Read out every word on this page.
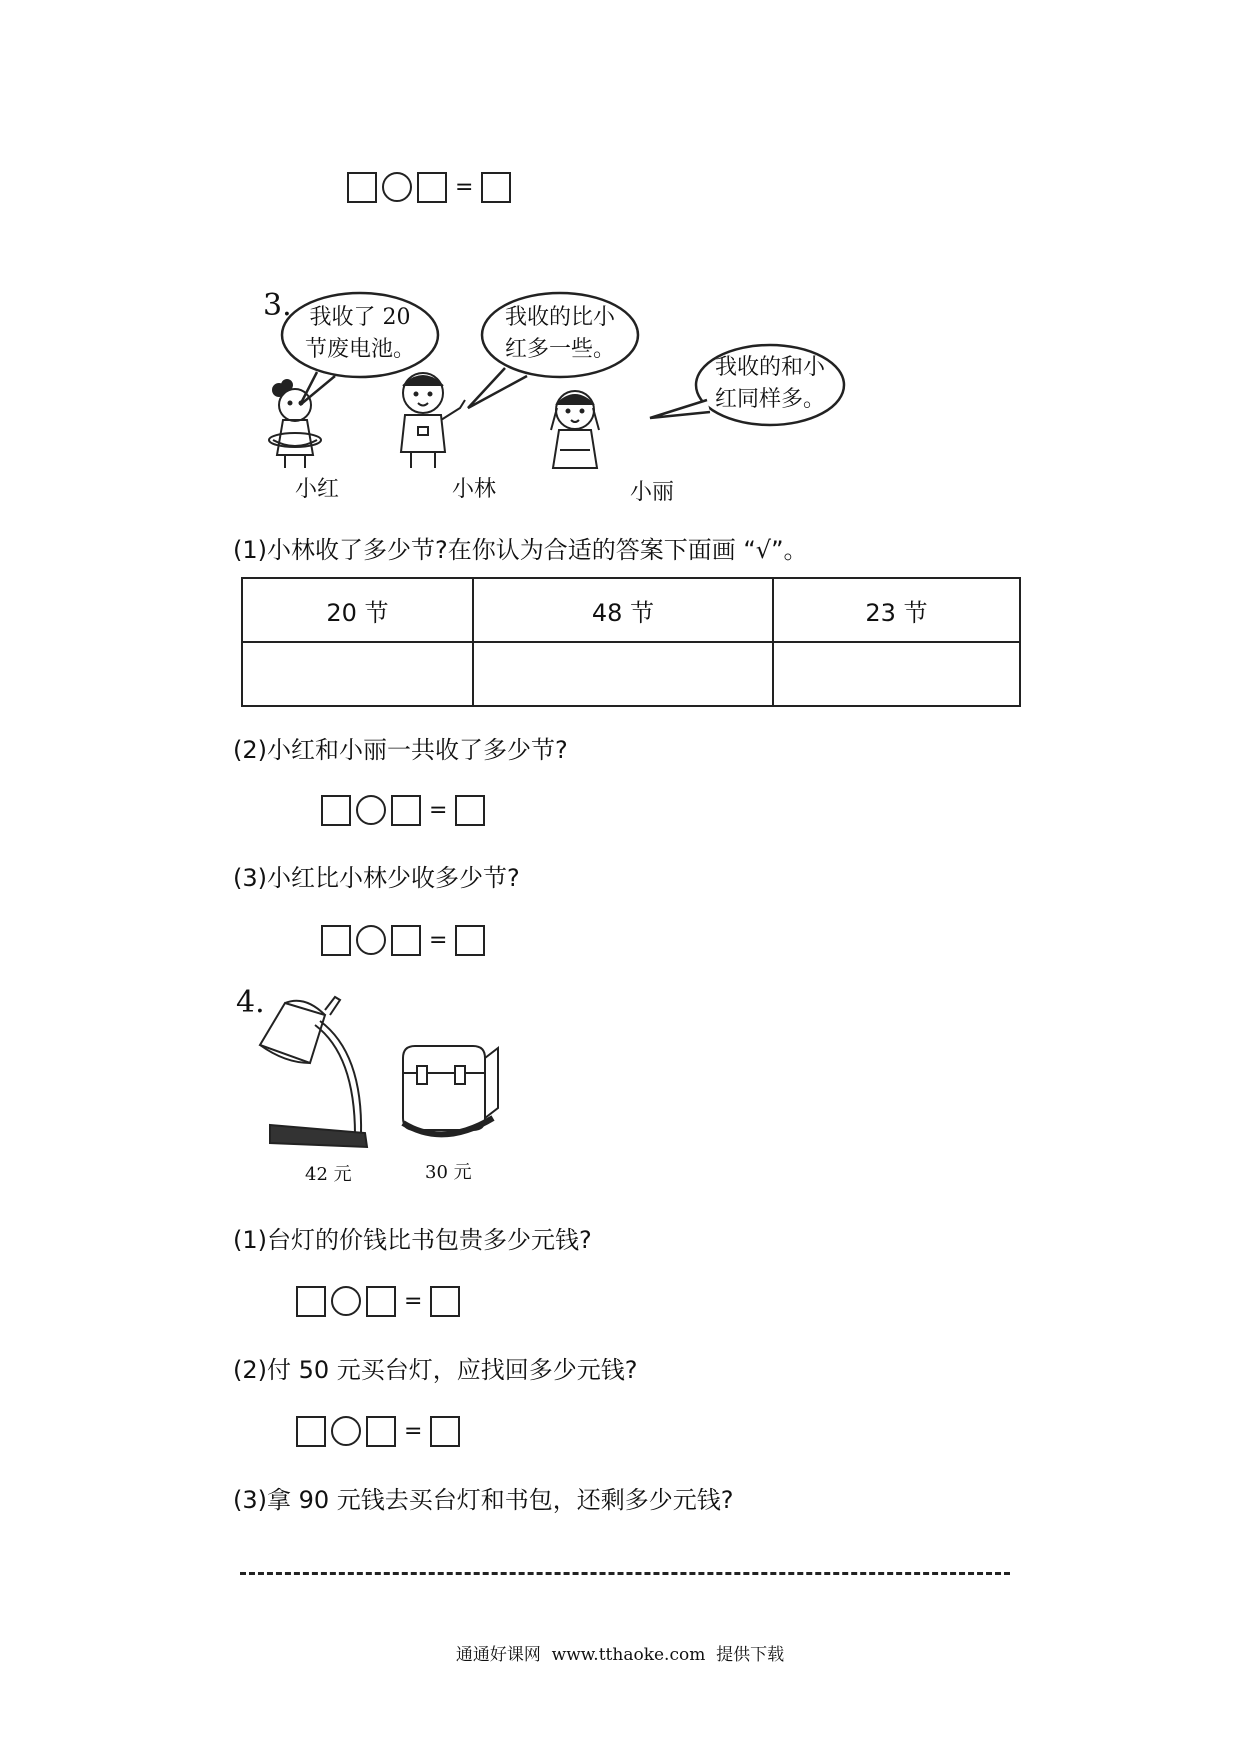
=
3. 我收了 20
节废电池。
我收的比小
红多一些。
我收的和小
红同样多。
小红	小林	小丽
(1)小林收了多少节?在你认为合适的答案下面画 “√”。
20 节	48 节	23 节

(2)小红和小丽一共收了多少节?
=
(3)小红比小林少收多少节?
=
4.
42 元	30 元
(1)台灯的价钱比书包贵多少元钱?
=
(2)付 50 元买台灯，应找回多少元钱?
=
(3)拿 90 元钱去买台灯和书包，还剩多少元钱?
通通好课网  www.tthaoke.com  提供下载
